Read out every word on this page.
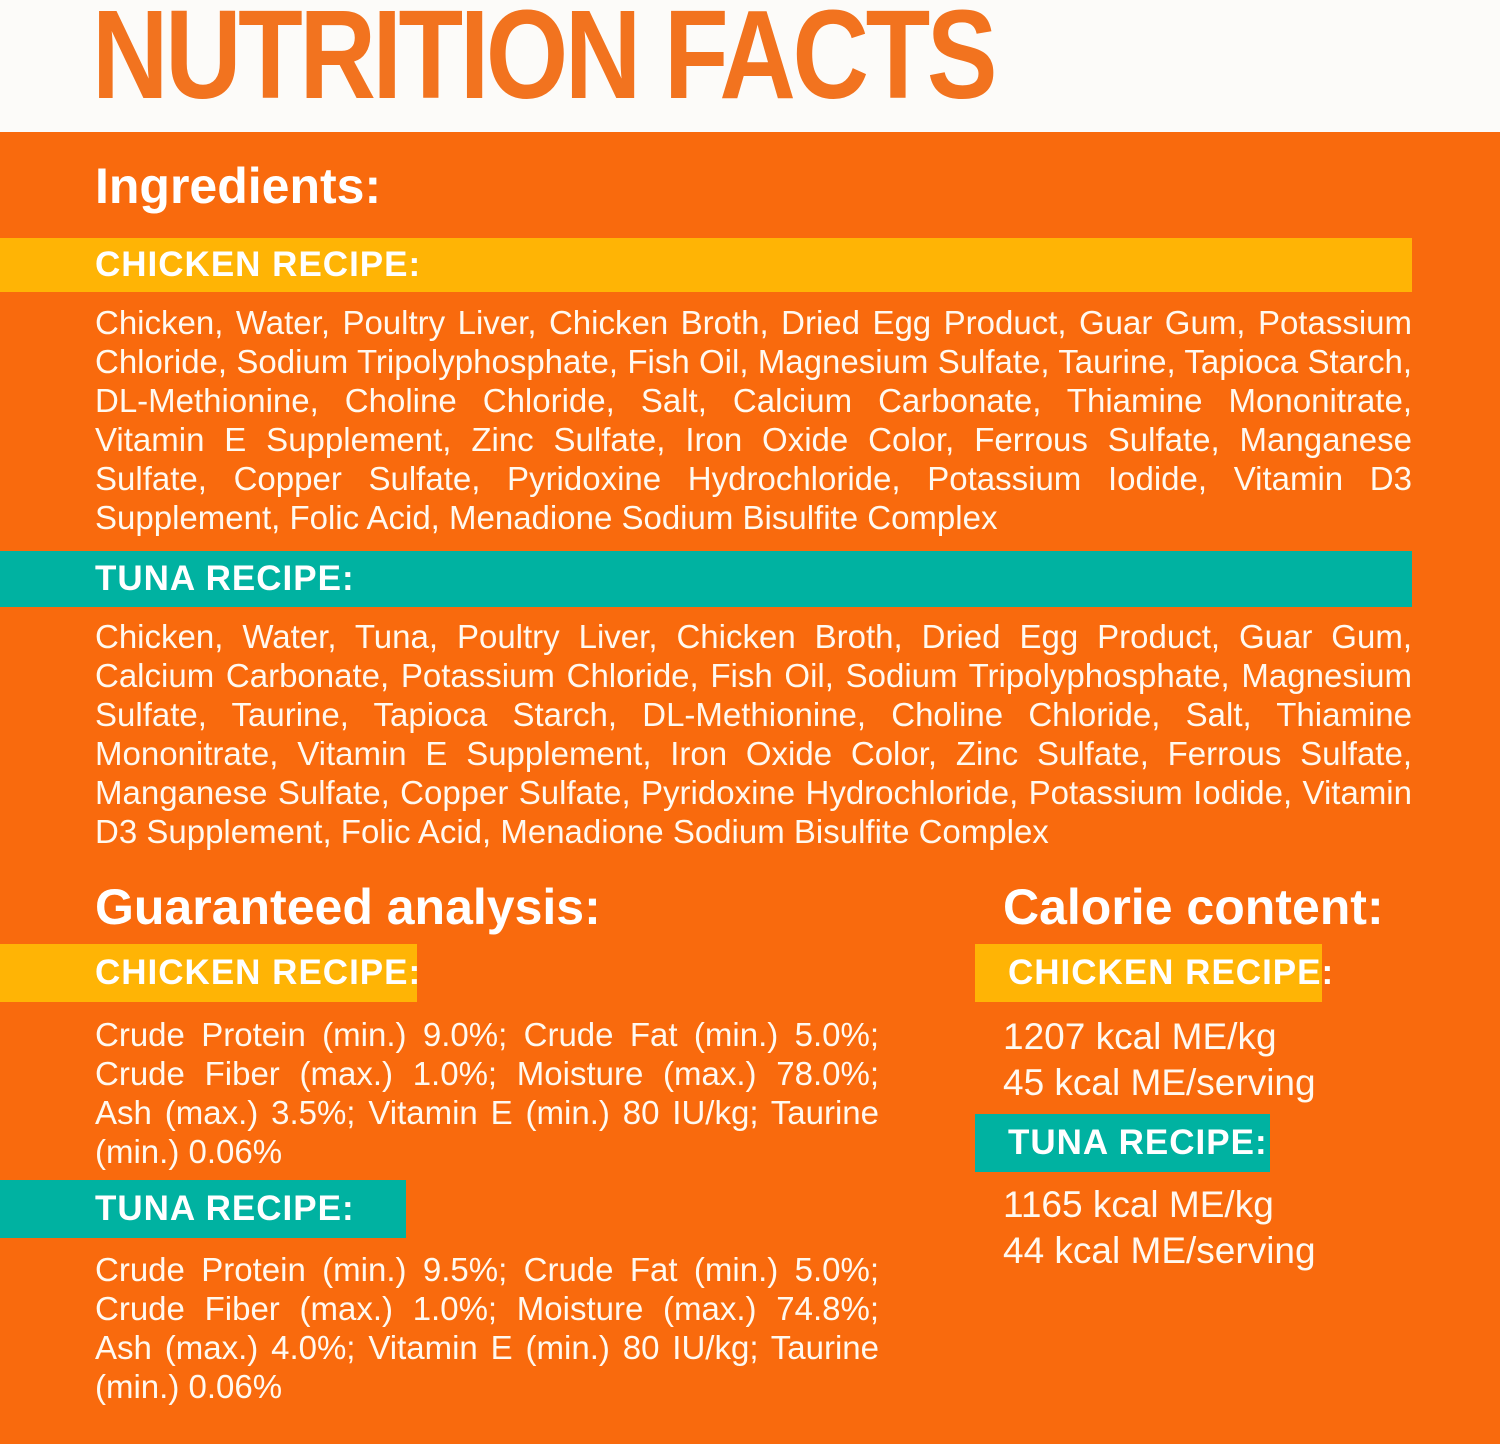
NUTRITION FACTS
Ingredients:
CHICKEN RECIPE:

Chicken, Water, Poultry Liver, Chicken Broth, Dried Egg Product, Guar Gum, Potassium Chloride, Sodium Tripolyphosphate, Fish Oil, Magnesium Sulfate, Taurine, Tapioca Starch, DL-Methionine, Choline Chloride, Salt, Calcium Carbonate, Thiamine Mononitrate, Vitamin E Supplement, Zinc Sulfate, Iron Oxide Color, Ferrous Sulfate, Manganese Sulfate, Copper Sulfate, Pyridoxine Hydrochloride, Potassium Iodide, Vitamin D3 Supplement, Folic Acid, Menadione Sodium Bisulfite Complex

TUNA RECIPE:

Chicken, Water, Tuna, Poultry Liver, Chicken Broth, Dried Egg Product, Guar Gum, Calcium Carbonate, Potassium Chloride, Fish Oil, Sodium Tripolyphosphate, Magnesium Sulfate, Taurine, Tapioca Starch, DL-Methionine, Choline Chloride, Salt, Thiamine Mononitrate, Vitamin E Supplement, Iron Oxide Color, Zinc Sulfate, Ferrous Sulfate, Manganese Sulfate, Copper Sulfate, Pyridoxine Hydrochloride, Potassium Iodide, Vitamin D3 Supplement, Folic Acid, Menadione Sodium Bisulfite Complex

Guaranteed analysis:	Calorie content:
CHICKEN RECIPE:

Crude Protein (min.) 9.0%; Crude Fat (min.) 5.0%; Crude Fiber (max.) 1.0%; Moisture (max.) 78.0%; Ash (max.) 3.5%; Vitamin E (min.) 80 IU/kg; Taurine (min.) 0.06%

TUNA RECIPE:

Crude Protein (min.) 9.5%; Crude Fat (min.) 5.0%; Crude Fiber (max.) 1.0%; Moisture (max.) 74.8%; Ash (max.) 4.0%; Vitamin E (min.) 80 IU/kg; Taurine (min.) 0.06%

CHICKEN RECIPE:
1207 kcal ME/kg
45 kcal ME/serving
TUNA RECIPE:
1165 kcal ME/kg
44 kcal ME/serving
